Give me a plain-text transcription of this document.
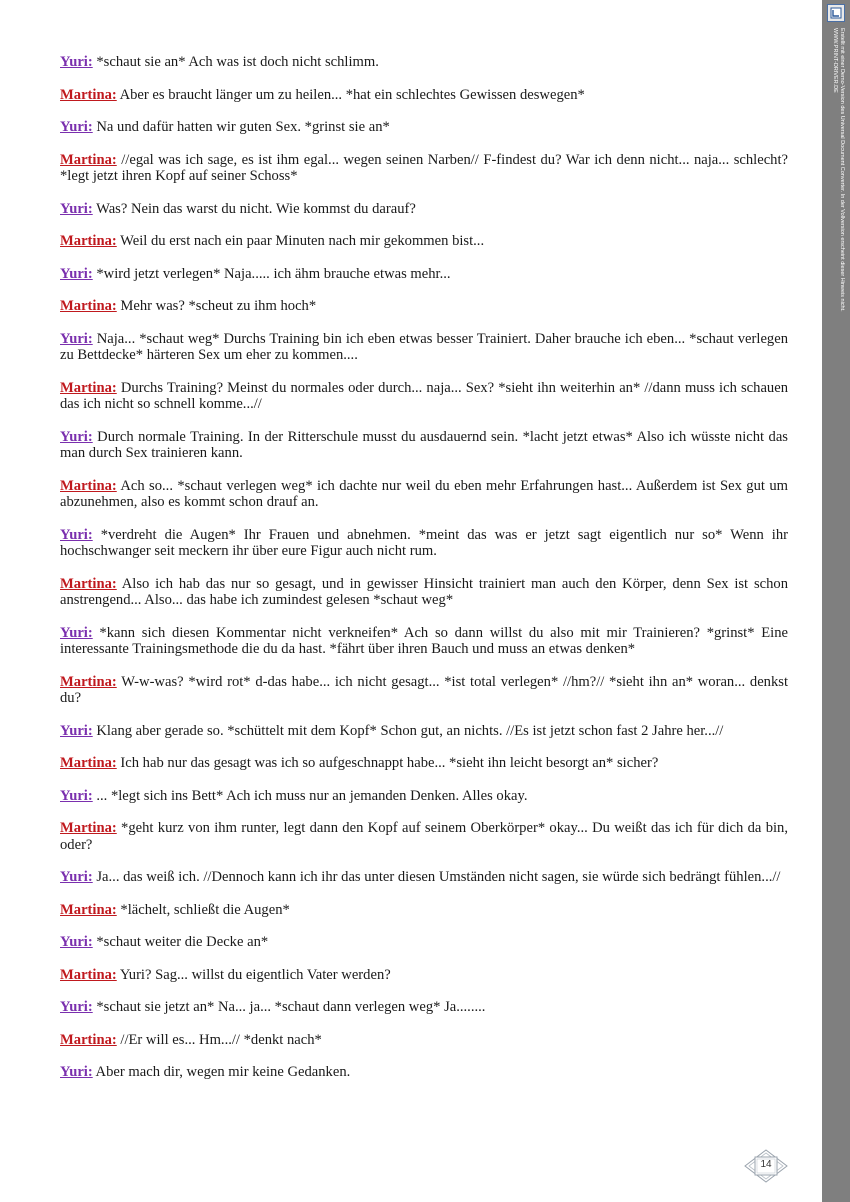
Yuri: *schaut sie an* Ach was ist doch nicht schlimm.
Martina: Aber es braucht länger um zu heilen... *hat ein schlechtes Gewissen deswegen*
Yuri: Na und dafür hatten wir guten Sex. *grinst sie an*
Martina: //egal was ich sage, es ist ihm egal... wegen seinen Narben// F-findest du? War ich denn nicht... naja... schlecht? *legt jetzt ihren Kopf auf seiner Schoss*
Yuri: Was? Nein das warst du nicht. Wie kommst du darauf?
Martina: Weil du erst nach ein paar Minuten nach mir gekommen bist...
Yuri: *wird jetzt verlegen* Naja..... ich ähm brauche etwas mehr...
Martina: Mehr was? *scheut zu ihm hoch*
Yuri: Naja... *schaut weg* Durchs Training bin ich eben etwas besser Trainiert. Daher brauche ich eben... *schaut verlegen zu Bettdecke* härteren Sex um eher zu kommen....
Martina: Durchs Training? Meinst du normales oder durch... naja... Sex? *sieht ihn weiterhin an* //dann muss ich schauen das ich nicht so schnell komme...//
Yuri: Durch normale Training. In der Ritterschule musst du ausdauernd sein. *lacht jetzt etwas* Also ich wüsste nicht das man durch Sex trainieren kann.
Martina: Ach so... *schaut verlegen weg* ich dachte nur weil du eben mehr Erfahrungen hast... Außerdem ist Sex gut um abzunehmen, also es kommt schon drauf an.
Yuri: *verdreht die Augen* Ihr Frauen und abnehmen. *meint das was er jetzt sagt eigentlich nur so* Wenn ihr hochschwanger seit meckern ihr über eure Figur auch nicht rum.
Martina: Also ich hab das nur so gesagt, und in gewisser Hinsicht trainiert man auch den Körper, denn Sex ist schon anstrengend... Also... das habe ich zumindest gelesen *schaut weg*
Yuri: *kann sich diesen Kommentar nicht verkneifen* Ach so dann willst du also mit mir Trainieren? *grinst* Eine interessante Trainingsmethode die du da hast. *fährt über ihren Bauch und muss an etwas denken*
Martina: W-w-was? *wird rot* d-das habe... ich nicht gesagt... *ist total verlegen* //hm?// *sieht ihn an* woran... denkst du?
Yuri: Klang aber gerade so. *schüttelt mit dem Kopf* Schon gut, an nichts. //Es ist jetzt schon fast 2 Jahre her...//
Martina: Ich hab nur das gesagt was ich so aufgeschnappt habe... *sieht ihn leicht besorgt an* sicher?
Yuri: ... *legt sich ins Bett* Ach ich muss nur an jemanden Denken. Alles okay.
Martina: *geht kurz von ihm runter, legt dann den Kopf auf seinem Oberkörper* okay... Du weißt das ich für dich da bin, oder?
Yuri: Ja... das weiß ich. //Dennoch kann ich ihr das unter diesen Umständen nicht sagen, sie würde sich bedrängt fühlen...//
Martina: *lächelt, schließt die Augen*
Yuri: *schaut weiter die Decke an*
Martina: Yuri? Sag... willst du eigentlich Vater werden?
Yuri: *schaut sie jetzt an* Na... ja... *schaut dann verlegen weg* Ja........
Martina: //Er will es... Hm...// *denkt nach*
Yuri: Aber mach dir, wegen mir keine Gedanken.
14
Erstellt mit einer Demo-Version des Universal Document Converter. In der Vollversion erscheint dieser Hinweis nicht.
WWW.PRINT-DRIVER.DE
